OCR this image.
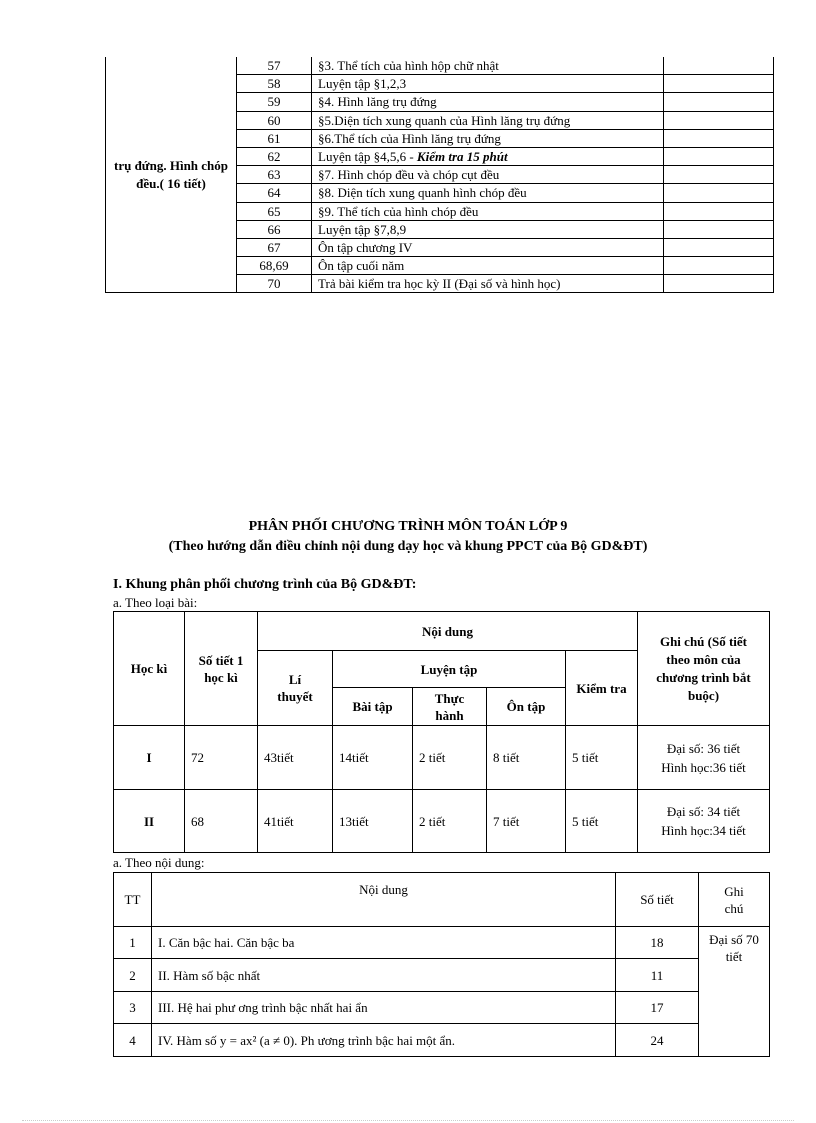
trụ đứng. Hình chóp đều.( 16 tiết)	57	§3. Thể tích của hình hộp chữ nhật	
	58	Luyện tập §1,2,3	
	59	§4. Hình lăng trụ đứng	
	60	§5.Diện tích xung quanh của Hình lăng trụ đứng	
	61	§6.Thể tích của Hình lăng trụ đứng	
	62	Luyện tập §4,5,6 - Kiểm tra 15 phút	
	63	§7. Hình chóp đều và chóp cụt đều	
	64	§8. Diện tích xung quanh hình chóp đều	
	65	§9. Thể tích của hình chóp đều	
	66	Luyện tập §7,8,9	
	67	Ôn tập chương IV	
	68,69	Ôn tập cuối năm	
	70	Trả bài kiểm tra học kỳ II (Đại số và hình học)	
PHÂN PHỐI CHƯƠNG TRÌNH MÔN TOÁN LỚP 9
(Theo hướng dẫn điều chỉnh nội dung dạy học và khung PPCT của Bộ GD&ĐT)
I. Khung phân phối chương trình của Bộ GD&ĐT:
a. Theo loại bài:
Học kì	Số tiết 1 học kì	Nội dung					Ghi chú (Số tiết theo môn của chương trình bắt buộc)
		Lí thuyết	Luyện tập			Kiểm tra	
			Bài tập	Thực hành	Ôn tập		
I	72	43tiết	14tiết	2 tiết	8 tiết	5 tiết	Đại số: 36 tiết
Hình học:36 tiết

II	68	41tiết	13tiết	2 tiết	7 tiết	5 tiết	Đại số: 34 tiết
Hình học:34 tiết
a. Theo nội dung:
TT	Nội dung	Số tiết	Ghi chú
1	I. Căn bậc hai. Căn bậc ba	18	Đại số 70 tiết
2	II. Hàm số bậc nhất	11	
3	III. Hệ hai phư ơng trình bậc nhất hai ẩn	17	
4	IV. Hàm số y = ax² (a ≠ 0). Ph ương trình bậc hai một ẩn.	24	
